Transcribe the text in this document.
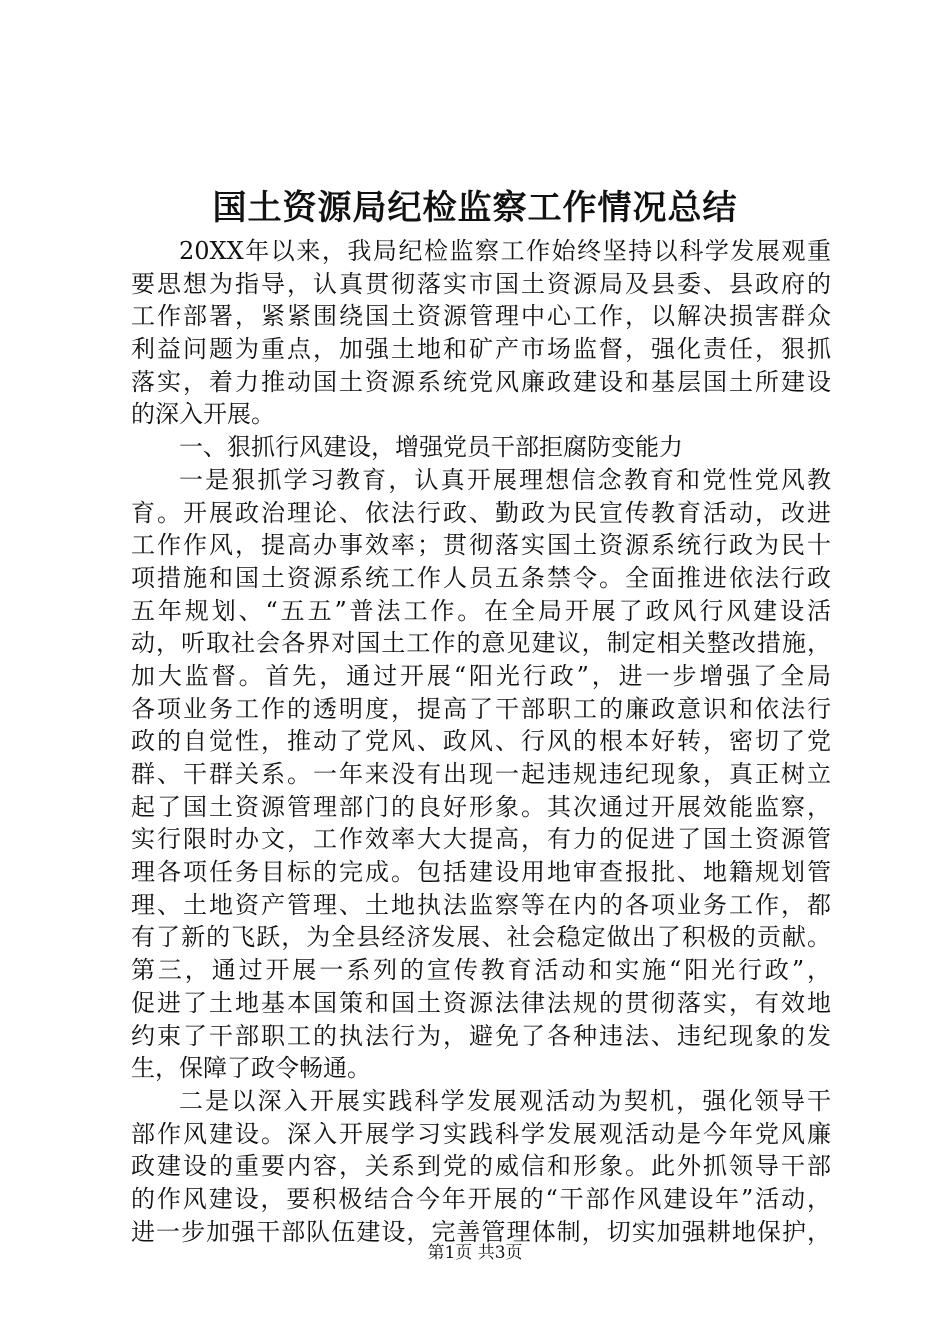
国土资源局纪检监察工作情况总结
20XX年以来，我局纪检监察工作始终坚持以科学发展观重
要思想为指导，认真贯彻落实市国土资源局及县委、县政府的
工作部署，紧紧围绕国土资源管理中心工作，以解决损害群众
利益问题为重点，加强土地和矿产市场监督，强化责任，狠抓
落实，着力推动国土资源系统党风廉政建设和基层国土所建设
的深入开展。
一、狠抓行风建设，增强党员干部拒腐防变能力
一是狠抓学习教育，认真开展理想信念教育和党性党风教
育。开展政治理论、依法行政、勤政为民宣传教育活动，改进
工作作风，提高办事效率；贯彻落实国土资源系统行政为民十
项措施和国土资源系统工作人员五条禁令。全面推进依法行政
五年规划、“五五”普法工作。在全局开展了政风行风建设活
动，听取社会各界对国土工作的意见建议，制定相关整改措施，
加大监督。首先，通过开展“阳光行政”，进一步增强了全局
各项业务工作的透明度，提高了干部职工的廉政意识和依法行
政的自觉性，推动了党风、政风、行风的根本好转，密切了党
群、干群关系。一年来没有出现一起违规违纪现象，真正树立
起了国土资源管理部门的良好形象。其次通过开展效能监察，
实行限时办文，工作效率大大提高，有力的促进了国土资源管
理各项任务目标的完成。包括建设用地审查报批、地籍规划管
理、土地资产管理、土地执法监察等在内的各项业务工作，都
有了新的飞跃，为全县经济发展、社会稳定做出了积极的贡献。
第三，通过开展一系列的宣传教育活动和实施“阳光行政”，
促进了土地基本国策和国土资源法律法规的贯彻落实，有效地
约束了干部职工的执法行为，避免了各种违法、违纪现象的发
生，保障了政令畅通。
二是以深入开展实践科学发展观活动为契机，强化领导干
部作风建设。深入开展学习实践科学发展观活动是今年党风廉
政建设的重要内容，关系到党的威信和形象。此外抓领导干部
的作风建设，要积极结合今年开展的“干部作风建设年”活动，
进一步加强干部队伍建设，完善管理体制，切实加强耕地保护，
第1页 共3页
